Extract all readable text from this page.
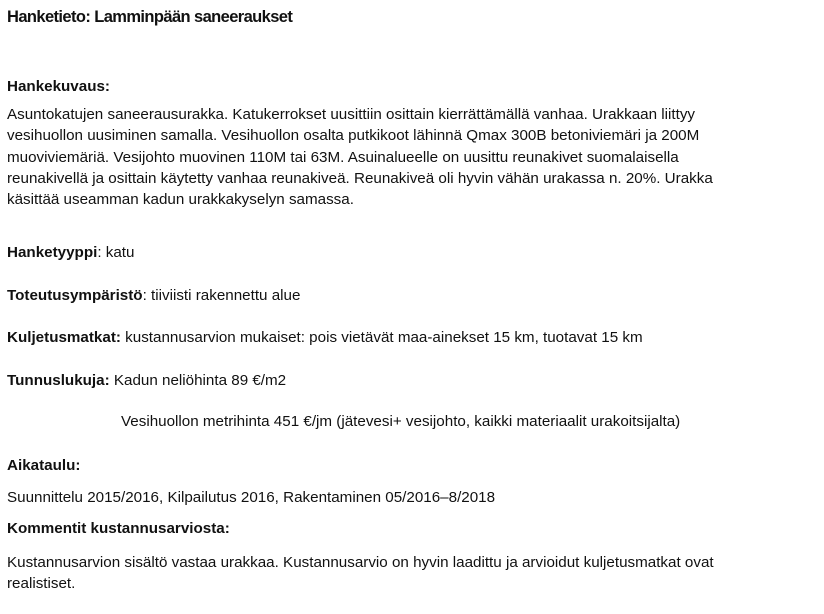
Hanketieto: Lamminpään saneeraukset
Hankekuvaus:
Asuntokatujen saneerausurakka. Katukerrokset uusittiin osittain kierrättämällä vanhaa. Urakkaan liittyy
vesihuollon uusiminen samalla. Vesihuollon osalta putkikoot lähinnä Qmax 300B betoniviemäri ja 200M
muoviviemäriä. Vesijohto muovinen 110M tai 63M. Asuinalueelle on uusittu reunakivet suomalaisella
reunakivellä ja osittain käytetty vanhaa reunakiveä. Reunakiveä oli hyvin vähän urakassa n. 20%. Urakka
käsittää useamman kadun urakkakyselyn samassa.
Hanketyyppi: katu
Toteutusympäristö: tiiviisti rakennettu alue
Kuljetusmatkat: kustannusarvion mukaiset: pois vietävät maa-ainekset 15 km, tuotavat 15 km
Tunnuslukuja: Kadun neliöhinta 89 €/m2
Vesihuollon metrihinta 451 €/jm (jätevesi+ vesijohto, kaikki materiaalit urakoitsijalta)
Aikataulu:
Suunnittelu 2015/2016, Kilpailutus 2016, Rakentaminen 05/2016–8/2018
Kommentit kustannusarviosta:
Kustannusarvion sisältö vastaa urakkaa. Kustannusarvio on hyvin laadittu ja arvioidut kuljetusmatkat ovat
realistiset.
